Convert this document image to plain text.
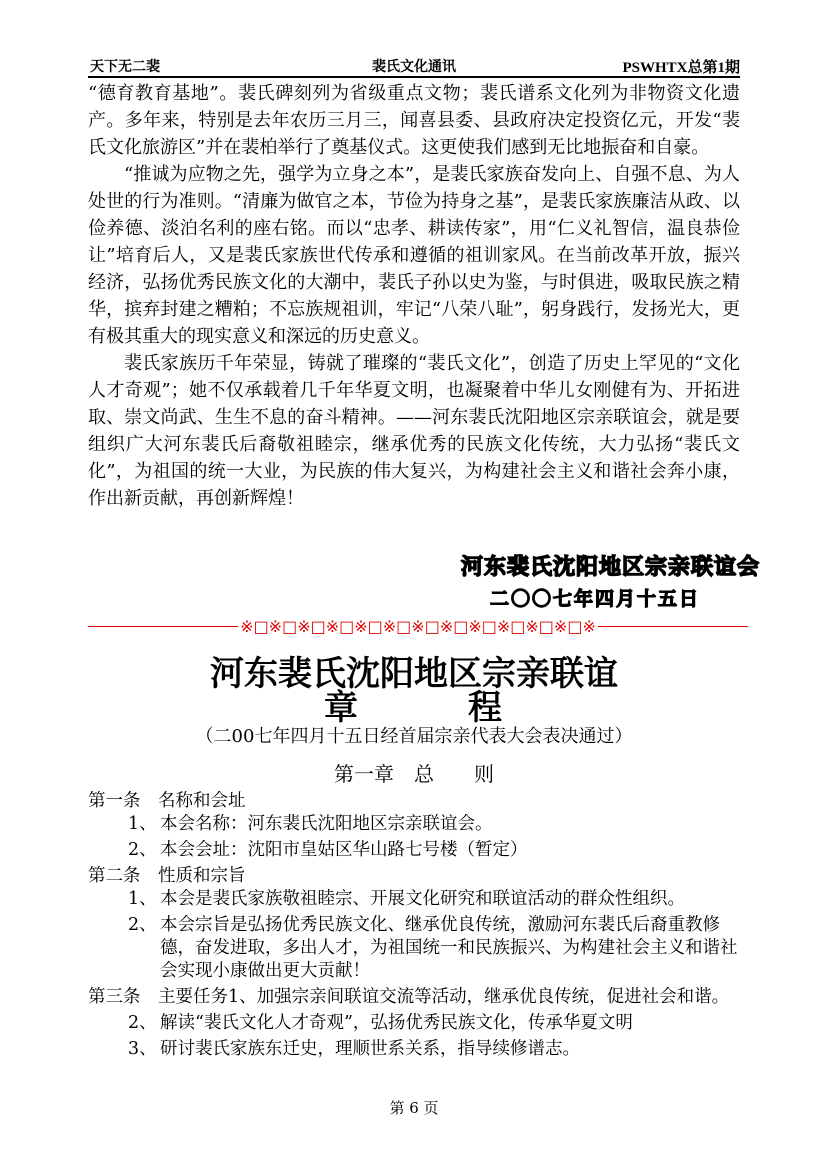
天下无二裴	裴氏文化通讯	PSWHTX总第1期

“德育教育基地”。裴氏碑刻列为省级重点文物；裴氏谱系文化列为非物资文化遗产。多年来，特别是去年农历三月三，闻喜县委、县政府决定投资亿元，开发“裴氏文化旅游区”并在裴柏举行了奠基仪式。这更使我们感到无比地振奋和自豪。

“推诚为应物之先，强学为立身之本”，是裴氏家族奋发向上、自强不息、为人处世的行为准则。“清廉为做官之本，节俭为持身之基”，是裴氏家族廉洁从政、以俭养德、淡泊名利的座右铭。而以“忠孝、耕读传家”，用“仁义礼智信，温良恭俭让”培育后人，又是裴氏家族世代传承和遵循的祖训家风。在当前改革开放，振兴经济，弘扬优秀民族文化的大潮中，裴氏子孙以史为鉴，与时俱进，吸取民族之精华，摈弃封建之糟粕；不忘族规祖训，牢记“八荣八耻”，躬身践行，发扬光大，更有极其重大的现实意义和深远的历史意义。

裴氏家族历千年荣显，铸就了璀璨的“裴氏文化”，创造了历史上罕见的“文化人才奇观”；她不仅承载着几千年华夏文明，也凝聚着中华儿女刚健有为、开拓进取、崇文尚武、生生不息的奋斗精神。——河东裴氏沈阳地区宗亲联谊会，就是要组织广大河东裴氏后裔敬祖睦宗，继承优秀的民族文化传统，大力弘扬“裴氏文化”，为祖国的统一大业，为民族的伟大复兴，为构建社会主义和谐社会奔小康，作出新贡献，再创新辉煌！

河东裴氏沈阳地区宗亲联谊会
二〇〇七年四月十五日
※□※□※□※□※□※□※□※□※□※□※□※□※
河东裴氏沈阳地区宗亲联谊
章　　　程
（二00七年四月十五日经首届宗亲代表大会表决通过）
第一章　总　　则

第一条　名称和会址

1、 本会名称：河东裴氏沈阳地区宗亲联谊会。
2、 本会会址：沈阳市皇姑区华山路七号楼（暂定）

第二条　性质和宗旨

1、 本会是裴氏家族敬祖睦宗、开展文化研究和联谊活动的群众性组织。
2、 本会宗旨是弘扬优秀民族文化、继承优良传统，激励河东裴氏后裔重教修德，奋发进取，多出人才，为祖国统一和民族振兴、为构建社会主义和谐社会实现小康做出更大贡献！
第三条　主要任务1、加强宗亲间联谊交流等活动，继承优良传统，促进社会和谐。
2、 解读“裴氏文化人才奇观”，弘扬优秀民族文化，传承华夏文明
3、 研讨裴氏家族东迁史，理顺世系关系，指导续修谱志。
第 6 页
